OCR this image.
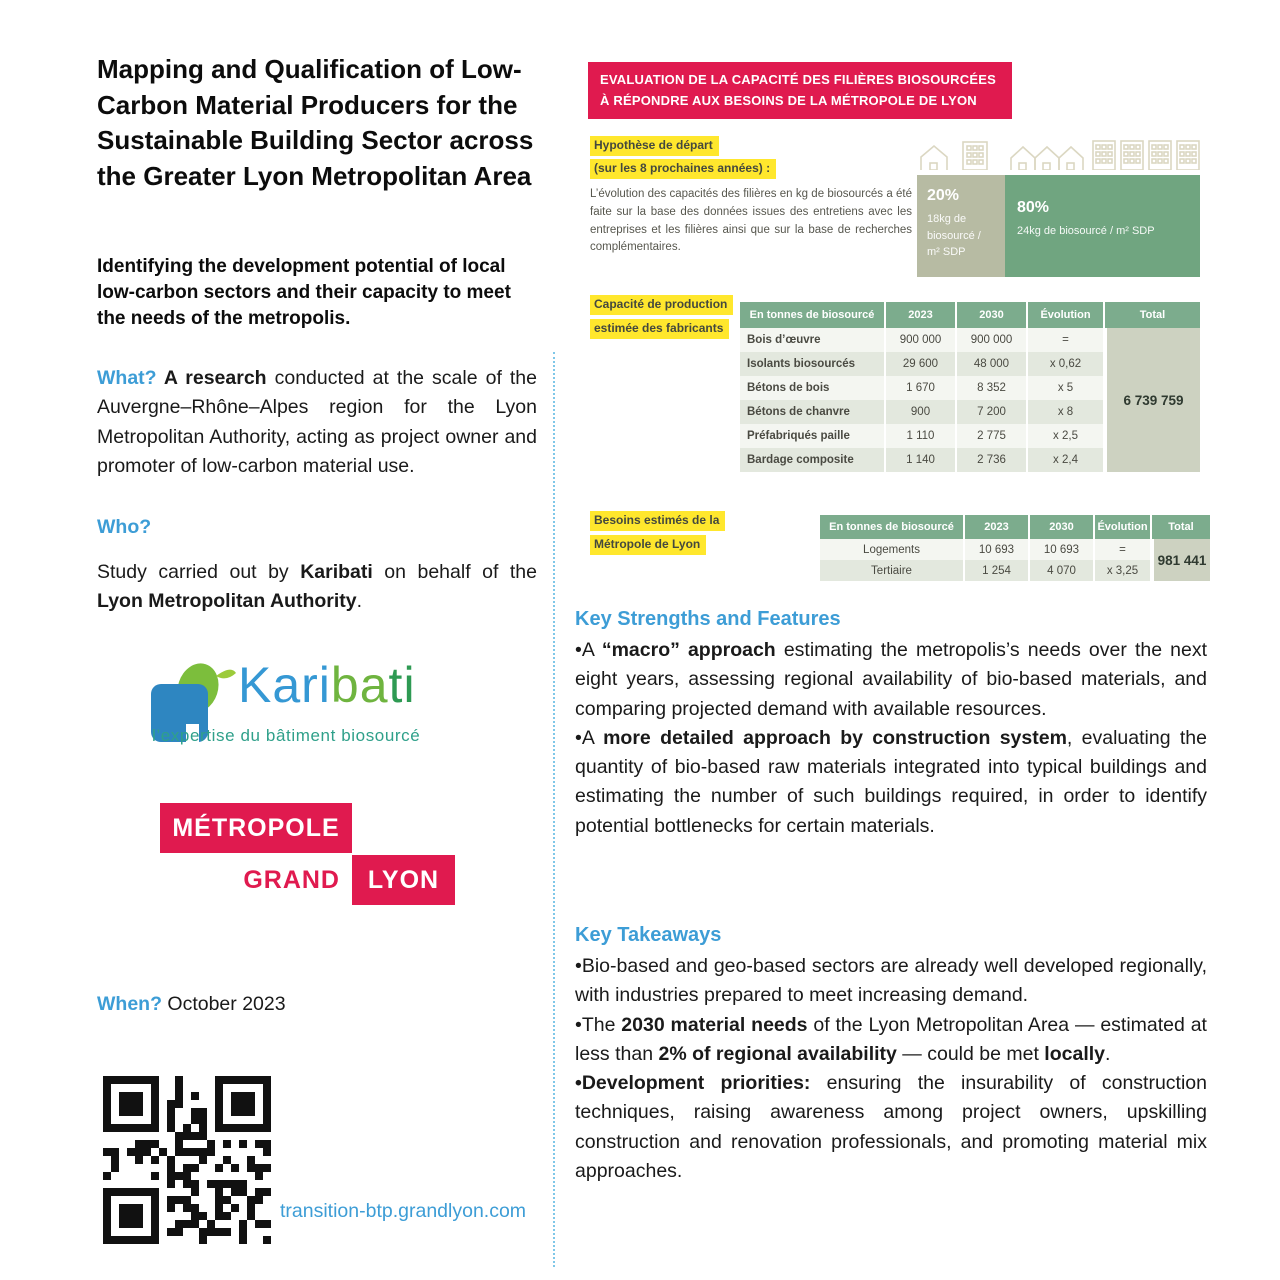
Mapping and Qualification of Low-Carbon Material Producers for the Sustainable Building Sector across the Greater Lyon Metropolitan Area
Identifying the development potential of local low-carbon sectors and their capacity to meet the needs of the metropolis.

What? A research conducted at the scale of the Auvergne–Rhône–Alpes region for the Lyon Metropolitan Authority, acting as project owner and promoter of low-carbon material use.

Who?

Study carried out by Karibati on behalf of the Lyon Metropolitan Authority.

Karibati
l’expertise du bâtiment biosourcé
MÉTROPOLE
GRAND	LYON

When? October 2023

transition-btp.grandlyon.com
EVALUATION DE LA CAPACITÉ DES FILIÈRES BIOSOURCÉES
À RÉPONDRE AUX BESOINS DE LA MÉTROPOLE DE LYON
Hypothèse de départ
(sur les 8 prochaines années) :
L’évolution des capacités des filières en kg de biosourcés a été faite sur la base des données issues des entretiens avec les entreprises et les filières ainsi que sur la base de recherches complémentaires.
20%
18kg de biosourcé / m² SDP
80%
24kg de biosourcé / m² SDP
Capacité de production
estimée des fabricants
En tonnes de biosourcé	2023	2030	Évolution	Total
Bois d’œuvre	900 000	900 000	=	6 739 759
Isolants biosourcés	29 600	48 000	x 0,62	
Bétons de bois	1 670	8 352	x 5	
Bétons de chanvre	900	7 200	x 8	
Préfabriqués paille	1 110	2 775	x 2,5	
Bardage composite	1 140	2 736	x 2,4	
Besoins estimés de la
Métropole de Lyon
En tonnes de biosourcé	2023	2030	Évolution	Total
Logements	10 693	10 693	=	981 441
Tertiaire	1 254	4 070	x 3,25	
Key Strengths and Features

•A “macro” approach estimating the metropolis’s needs over the next eight years, assessing regional availability of bio-based materials, and comparing projected demand with available resources.

•A more detailed approach by construction system, evaluating the quantity of bio-based raw materials integrated into typical buildings and estimating the number of such buildings required, in order to identify potential bottlenecks for certain materials.

Key Takeaways

•Bio-based and geo-based sectors are already well developed regionally, with industries prepared to meet increasing demand.

•The 2030 material needs of the Lyon Metropolitan Area — estimated at less than 2% of regional availability — could be met locally.

•Development priorities: ensuring the insurability of construction techniques, raising awareness among project owners, upskilling construction and renovation professionals, and promoting material mix approaches.
